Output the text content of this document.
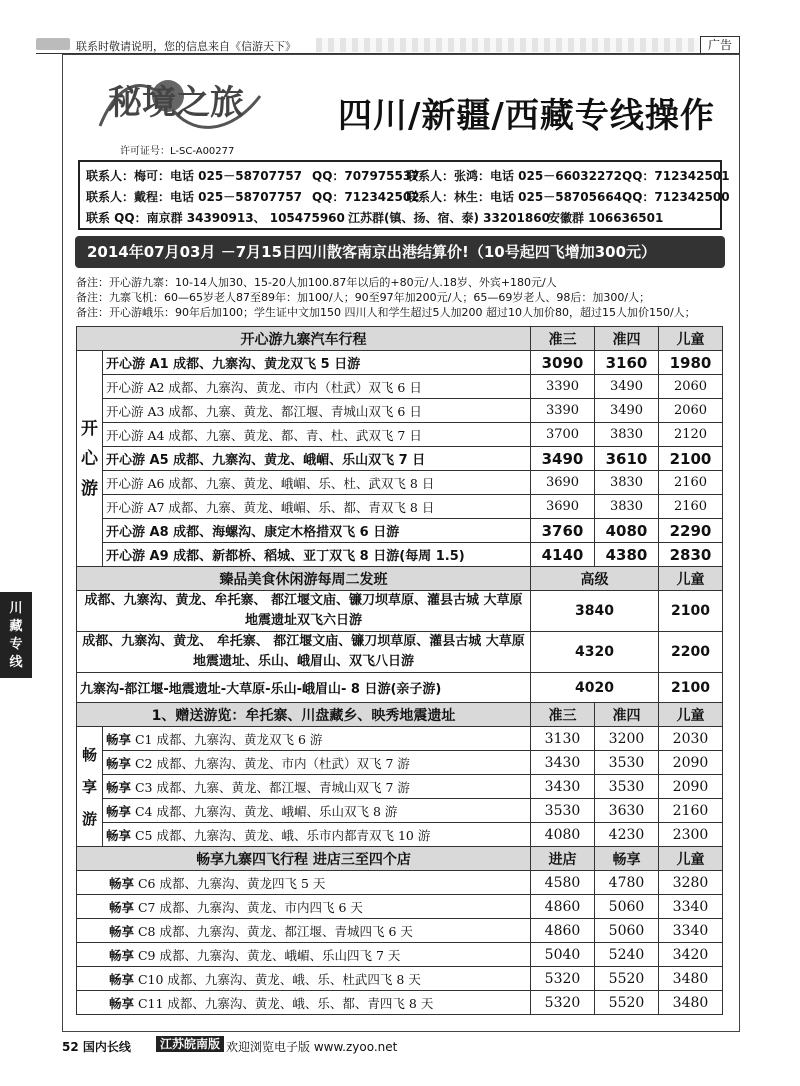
联系时敬请说明，您的信息来自《信游天下》	广告
秘境之旅
许可证号：L-SC-A00277
四川/新疆/西藏专线操作
联系人：梅可：电话 025－58707757 QQ：707975537
联系人：张鸿：电话 025－66032272 QQ：712342501
联系人：戴程：电话 025－58707757 QQ：712342502
联系人：林生：电话 025－58705664 QQ：712342500
联系 QQ：南京群 34390913、 105475960 江苏群(镇、扬、宿、泰) 33201860
安徽群 106636501
2014年07月03月 －7月15日四川散客南京出港结算价!（10号起四飞增加300元）
备注：开心游九寨：10-14人加30、15-20人加100.87年以后的+80元/人.18岁、外宾+180元/人
备注：九寨飞机：60—65岁老人87至89年：加100/人；90至97年加200元/人；65—69岁老人、98后：加300/人；
备注：开心游峨乐：90年后加100；学生证中文加150 四川人和学生超过5人加200 超过10人加价80，超过15人加价150/人；
川藏专线
开心游九寨汽车行程		准三	准四	儿童

开心游	开心游 A1 成都、九寨沟、黄龙双飞 5 日游	3090	3160	1980
	开心游 A2 成都、九寨沟、黄龙、市内（杜武）双飞 6 日	3390	3490	2060
	开心游 A3 成都、九寨、黄龙、都江堰、青城山双飞 6 日	3390	3490	2060
	开心游 A4 成都、九寨、黄龙、都、青、杜、武双飞 7 日	3700	3830	2120
	开心游 A5 成都、九寨沟、黄龙、峨嵋、乐山双飞 7 日	3490	3610	2100
	开心游 A6 成都、九寨、黄龙、峨嵋、乐、杜、武双飞 8 日	3690	3830	2160
	开心游 A7 成都、九寨、黄龙、峨嵋、乐、都、青双飞 8 日	3690	3830	2160
	开心游 A8 成都、海螺沟、康定木格措双飞 6 日游	3760	4080	2290
	开心游 A9 成都、新都桥、稻城、亚丁双飞 8 日游(每周 1.5)	4140	4380	2830
臻品美食休闲游每周二发班		高级		儿童
成都、九寨沟、黄龙、牟托寨、 都江堰文庙、镰刀坝草原、灌县古城 大草原 地震遗址双飞六日游		3840		2100
成都、九寨沟、黄龙、 牟托寨、 都江堰文庙、镰刀坝草原、灌县古城 大草原 地震遗址、乐山、峨眉山、双飞八日游		4320		2200
九寨沟-都江堰-地震遗址-大草原-乐山-峨眉山- 8 日游(亲子游)		4020		2100
1、赠送游览：牟托寨、川盘藏乡、映秀地震遗址		准三	准四	儿童

畅享游	畅享 C1 成都、九寨沟、黄龙双飞 6 游	3130	3200	2030
	畅享 C2 成都、九寨沟、黄龙、市内（杜武）双飞 7 游	3430	3530	2090
	畅享 C3 成都、九寨、黄龙、都江堰、青城山双飞 7 游	3430	3530	2090
	畅享 C4 成都、九寨沟、黄龙、峨嵋、乐山双飞 8 游	3530	3630	2160
	畅享 C5 成都、九寨沟、黄龙、峨、乐市内都青双飞 10 游	4080	4230	2300
畅享九寨四飞行程 进店三至四个店		进店	畅享	儿童
畅享 C6 成都、九寨沟、黄龙四飞 5 天		4580	4780	3280
畅享 C7 成都、九寨沟、黄龙、市内四飞 6 天		4860	5060	3340
畅享 C8 成都、九寨沟、黄龙、都江堰、青城四飞 6 天		4860	5060	3340
畅享 C9 成都、九寨沟、黄龙、峨嵋、乐山四飞 7 天		5040	5240	3420
畅享 C10 成都、九寨沟、黄龙、峨、乐、杜武四飞 8 天		5320	5520	3480
畅享 C11 成都、九寨沟、黄龙、峨、乐、都、青四飞 8 天		5320	5520	3480
52 国内长线	江苏皖南版 欢迎浏览电子版 www.zyoo.net
